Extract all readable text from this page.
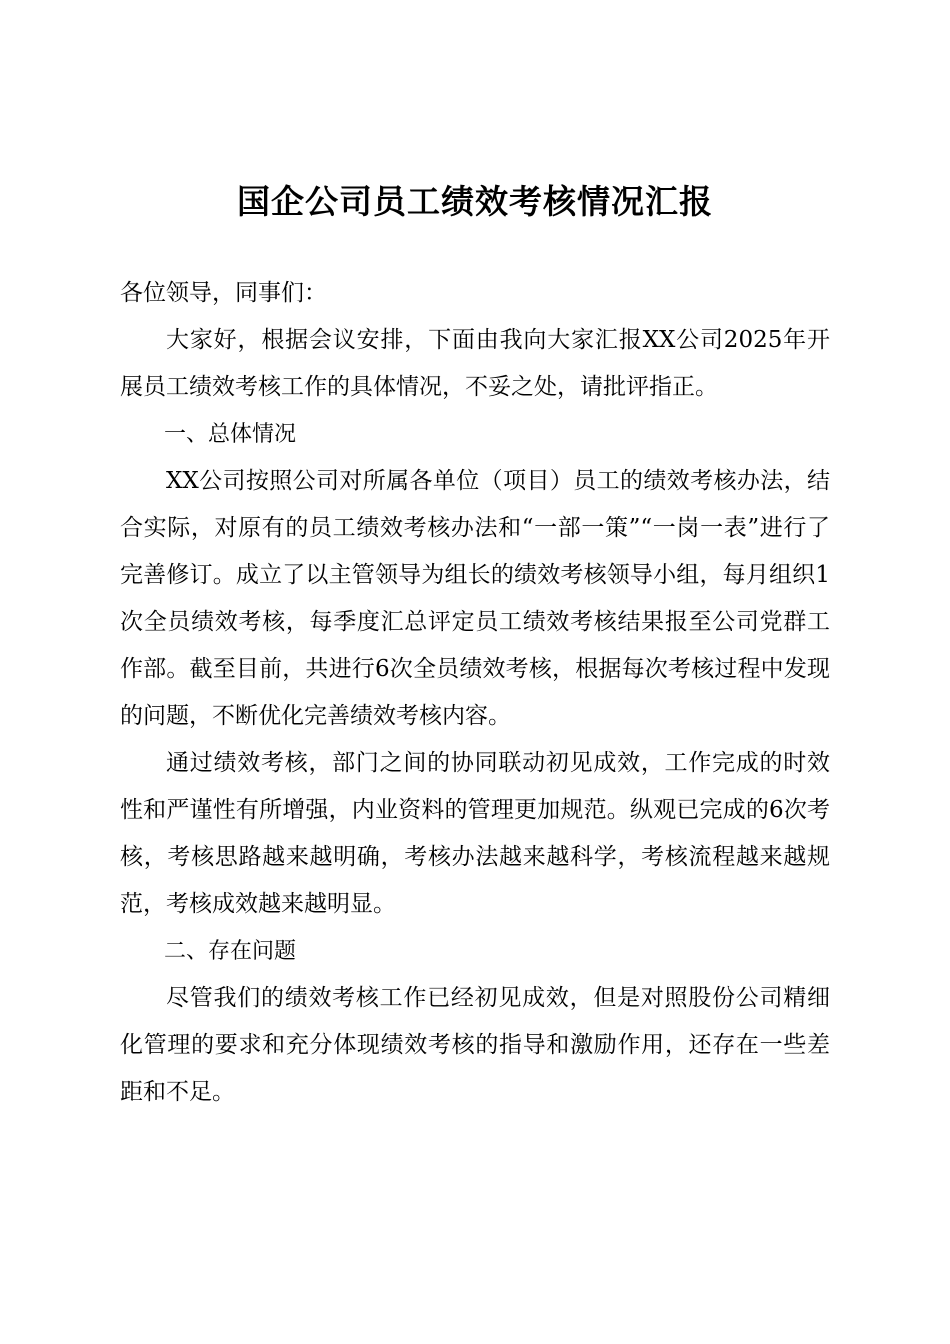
国企公司员工绩效考核情况汇报

各位领导，同事们：

大家好，根据会议安排，下面由我向大家汇报XX公司2025年开展员工绩效考核工作的具体情况，不妥之处，请批评指正。

一、总体情况

XX公司按照公司对所属各单位（项目）员工的绩效考核办法，结合实际，对原有的员工绩效考核办法和“一部一策”“一岗一表”进行了完善修订。成立了以主管领导为组长的绩效考核领导小组，每月组织1次全员绩效考核，每季度汇总评定员工绩效考核结果报至公司党群工作部。截至目前，共进行6次全员绩效考核，根据每次考核过程中发现的问题，不断优化完善绩效考核内容。

通过绩效考核，部门之间的协同联动初见成效，工作完成的时效性和严谨性有所增强，内业资料的管理更加规范。纵观已完成的6次考核，考核思路越来越明确，考核办法越来越科学，考核流程越来越规范，考核成效越来越明显。

二、存在问题

尽管我们的绩效考核工作已经初见成效，但是对照股份公司精细化管理的要求和充分体现绩效考核的指导和激励作用，还存在一些差距和不足。
